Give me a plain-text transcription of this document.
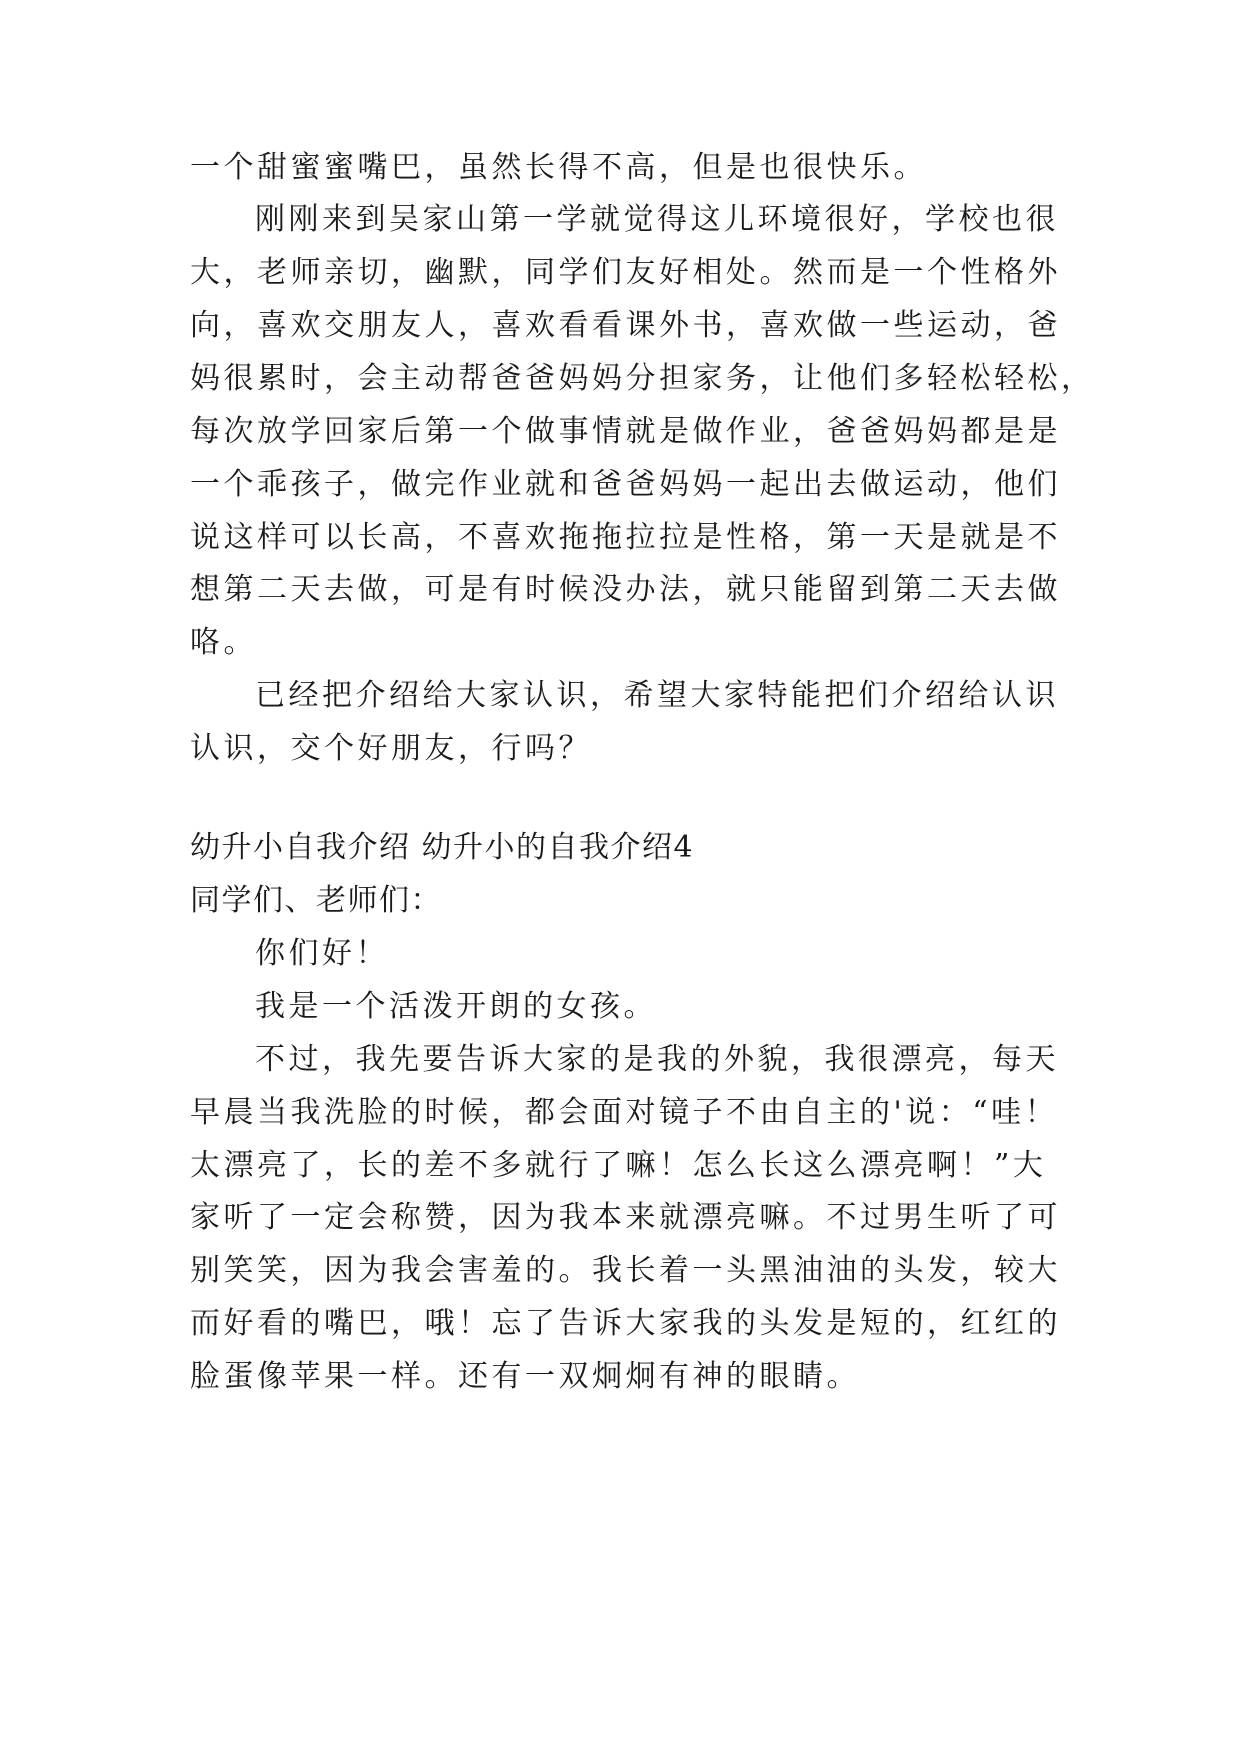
一个甜蜜蜜嘴巴，虽然长得不高，但是也很快乐。
刚刚来到吴家山第一学就觉得这儿环境很好，学校也很
大，老师亲切，幽默，同学们友好相处。然而是一个性格外
向，喜欢交朋友人，喜欢看看课外书，喜欢做一些运动，爸
妈很累时，会主动帮爸爸妈妈分担家务，让他们多轻松轻松，
每次放学回家后第一个做事情就是做作业，爸爸妈妈都是是
一个乖孩子，做完作业就和爸爸妈妈一起出去做运动，他们
说这样可以长高，不喜欢拖拖拉拉是性格，第一天是就是不
想第二天去做，可是有时候没办法，就只能留到第二天去做
咯。
已经把介绍给大家认识，希望大家特能把们介绍给认识
认识，交个好朋友，行吗？
幼升小自我介绍 幼升小的自我介绍4
同学们、老师们：
你们好！
我是一个活泼开朗的女孩。
不过，我先要告诉大家的是我的外貌，我很漂亮，每天
早晨当我洗脸的时候，都会面对镜子不由自主的'说：“哇！
太漂亮了，长的差不多就行了嘛！怎么长这么漂亮啊！”大
家听了一定会称赞，因为我本来就漂亮嘛。不过男生听了可
别笑笑，因为我会害羞的。我长着一头黑油油的头发，较大
而好看的嘴巴，哦！忘了告诉大家我的头发是短的，红红的
脸蛋像苹果一样。还有一双炯炯有神的眼睛。
